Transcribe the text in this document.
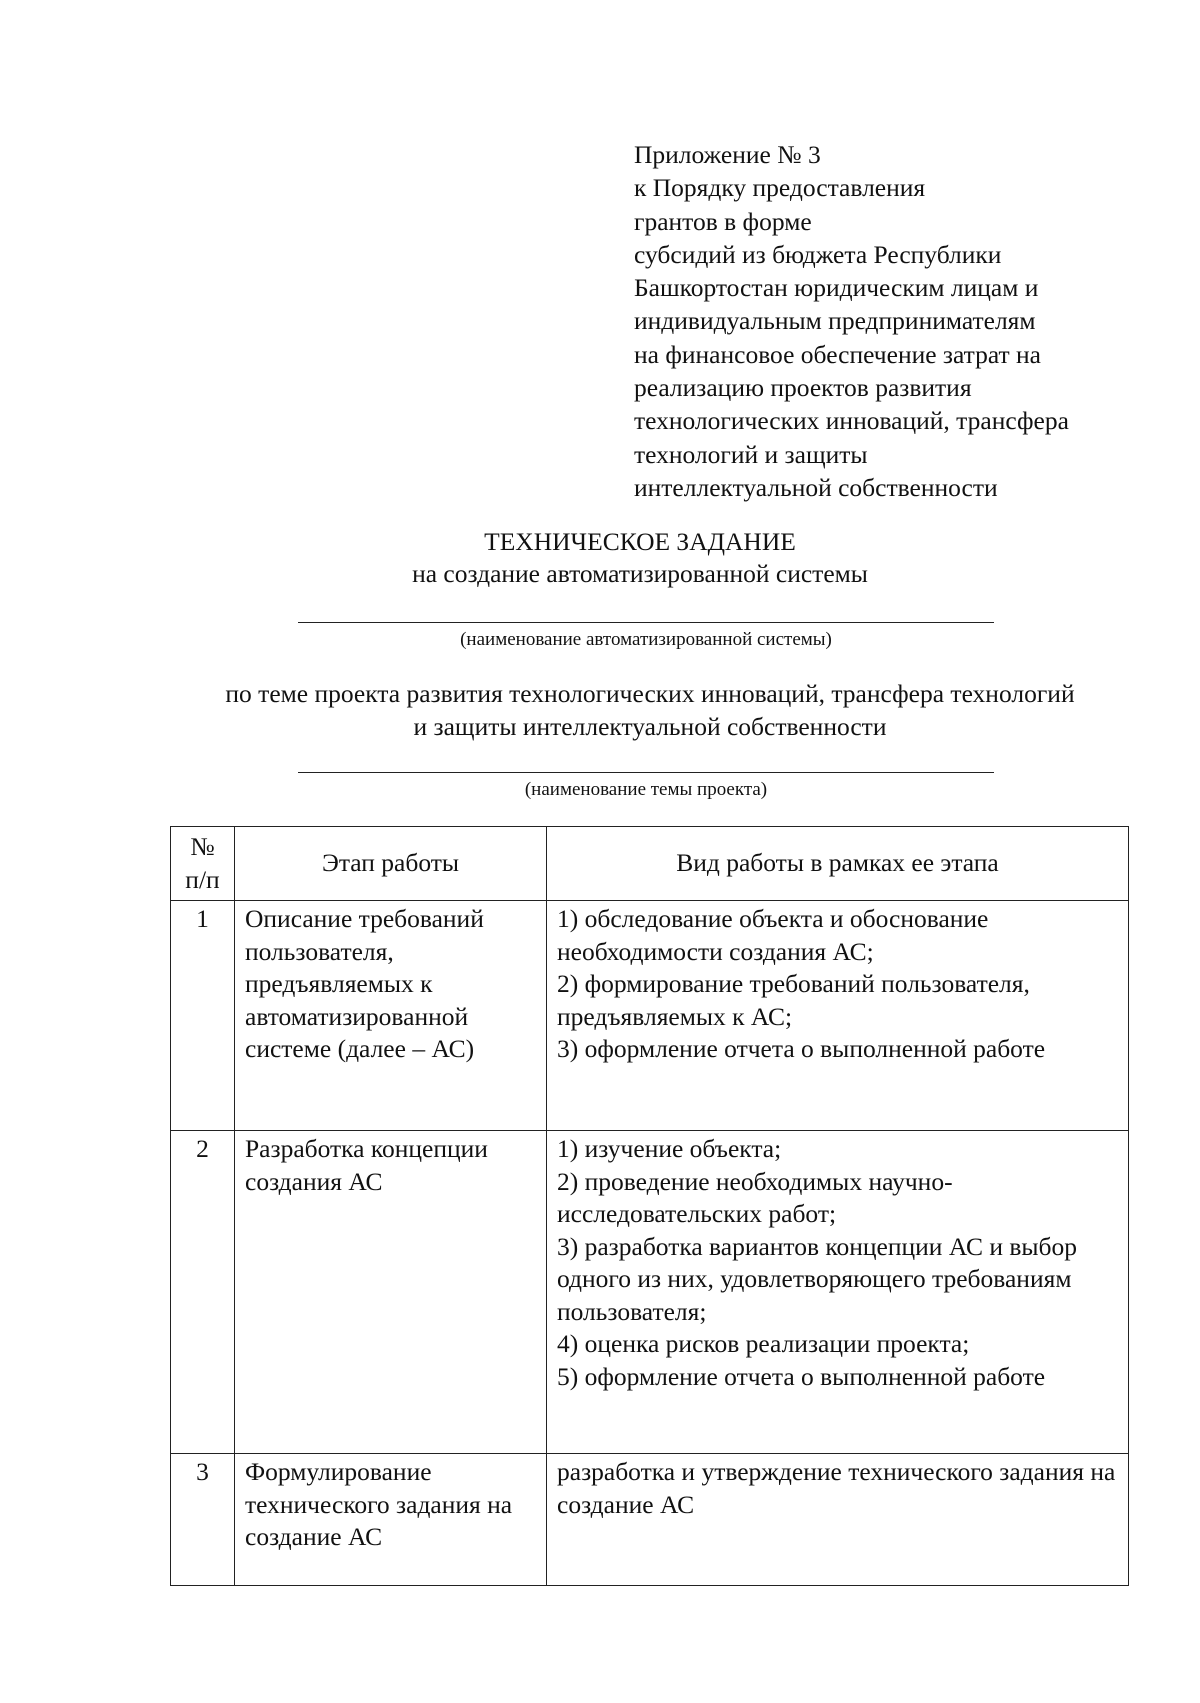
Приложение № 3
к Порядку предоставления
грантов в форме
субсидий из бюджета Республики
Башкортостан юридическим лицам и
индивидуальным предпринимателям
на финансовое обеспечение затрат на
реализацию проектов развития
технологических инноваций, трансфера
технологий и защиты
интеллектуальной собственности
ТЕХНИЧЕСКОЕ ЗАДАНИЕ
на создание автоматизированной системы
(наименование автоматизированной системы)
по теме проекта развития технологических инноваций, трансфера технологий
и защиты интеллектуальной собственности
(наименование темы проекта)
№ п/п	Этап работы	Вид работы в рамках ее этапа
1	Описание требований пользователя, предъявляемых к автоматизированной системе (далее – АС)	1) обследование объекта и обоснование необходимости создания АС;
2) формирование требований пользователя, предъявляемых к АС;
3) оформление отчета о выполненной работе

2	Разработка концепции создания АС	1) изучение объекта;
2) проведение необходимых научно-исследовательских работ;
3) разработка вариантов концепции АС и выбор одного из них, удовлетворяющего требованиям пользователя;
4) оценка рисков реализации проекта;
5) оформление отчета о выполненной работе

3	Формулирование технического задания на создание АС	разработка и утверждение технического задания на создание АС
